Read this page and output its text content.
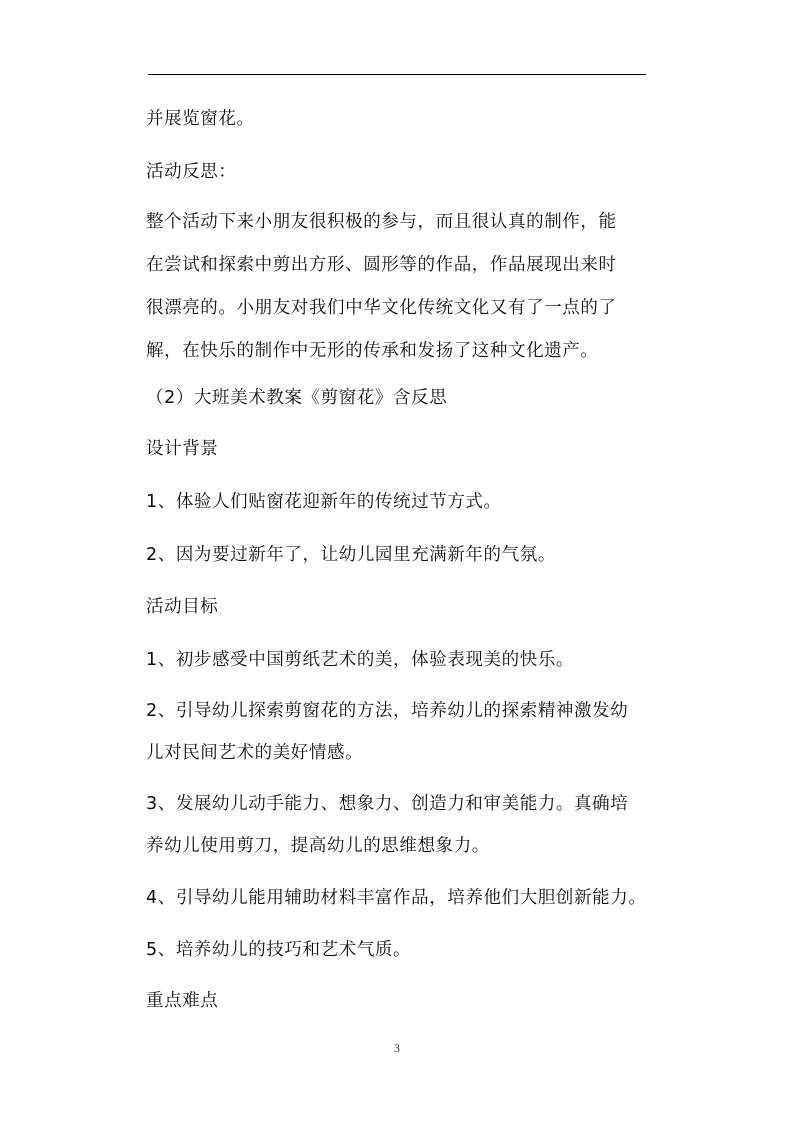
并展览窗花。

活动反思：

整个活动下来小朋友很积极的参与，而且很认真的制作，能

在尝试和探索中剪出方形、圆形等的作品，作品展现出来时

很漂亮的。小朋友对我们中华文化传统文化又有了一点的了

解，在快乐的制作中无形的传承和发扬了这种文化遗产。

（2）大班美术教案《剪窗花》含反思

设计背景

1、体验人们贴窗花迎新年的传统过节方式。

2、因为要过新年了，让幼儿园里充满新年的气氛。

活动目标

1、初步感受中国剪纸艺术的美，体验表现美的快乐。

2、引导幼儿探索剪窗花的方法，培养幼儿的探索精神激发幼

儿对民间艺术的美好情感。

3、发展幼儿动手能力、想象力、创造力和审美能力。真确培

养幼儿使用剪刀，提高幼儿的思维想象力。

4、引导幼儿能用辅助材料丰富作品，培养他们大胆创新能力。

5、培养幼儿的技巧和艺术气质。

重点难点

3
